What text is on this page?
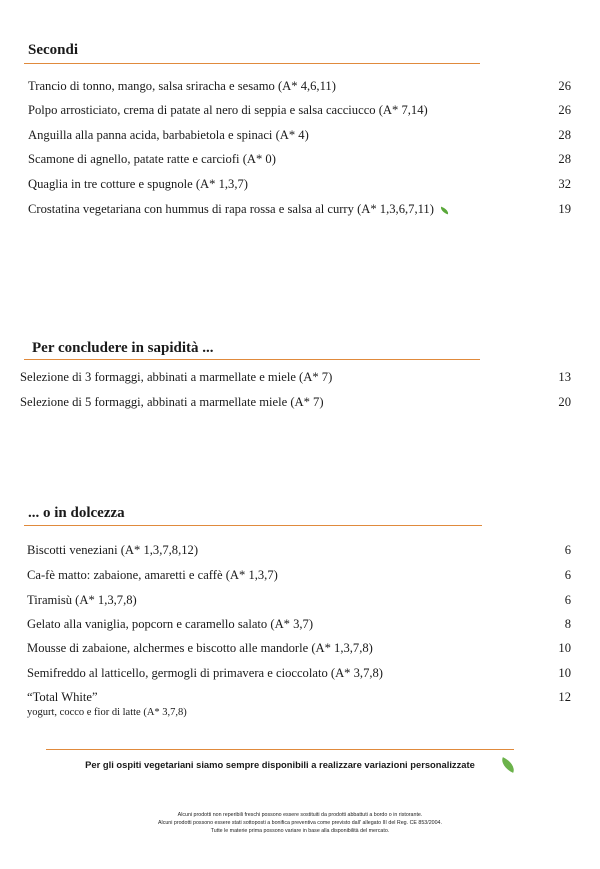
Secondi
Trancio di tonno, mango, salsa sriracha e sesamo (A* 4,6,11)	26
Polpo arrosticiato, crema di patate al nero di seppia e salsa cacciucco (A* 7,14)	26
Anguilla alla panna acida, barbabietola e spinaci (A* 4)	28
Scamone di agnello, patate ratte e carciofi (A* 0)	28
Quaglia in tre cotture e spugnole (A* 1,3,7)	32
Crostatina vegetariana con hummus di rapa rossa e salsa al curry (A* 1,3,6,7,11)	19
Per concludere in sapidità ...
Selezione di 3 formaggi, abbinati a marmellate e miele (A* 7)	13
Selezione di 5 formaggi, abbinati a marmellate miele (A* 7)	20
... o in dolcezza
Biscotti veneziani (A* 1,3,7,8,12)	6
Ca-fè matto: zabaione, amaretti e caffè (A* 1,3,7)	6
Tiramisù (A* 1,3,7,8)	6
Gelato alla vaniglia, popcorn e caramello salato (A* 3,7)	8
Mousse di zabaione, alchermes e biscotto alle mandorle (A* 1,3,7,8)	10
Semifreddo al latticello, germogli di primavera e cioccolato (A* 3,7,8)	10
“Total White”	12
yogurt, cocco e fior di latte (A* 3,7,8)
Per gli ospiti vegetariani siamo sempre disponibili a realizzare variazioni personalizzate
Alcuni prodotti non reperibili freschi possono essere sostituiti da prodotti abbattuti a bordo o in ristorante.
Alcuni prodotti possono essere stati sottoposti a bonifica preventiva come previsto dall' allegato III del Reg. CE 853/2004.
Tutte le materie prima possono variare in base alla disponibilità del mercato.
